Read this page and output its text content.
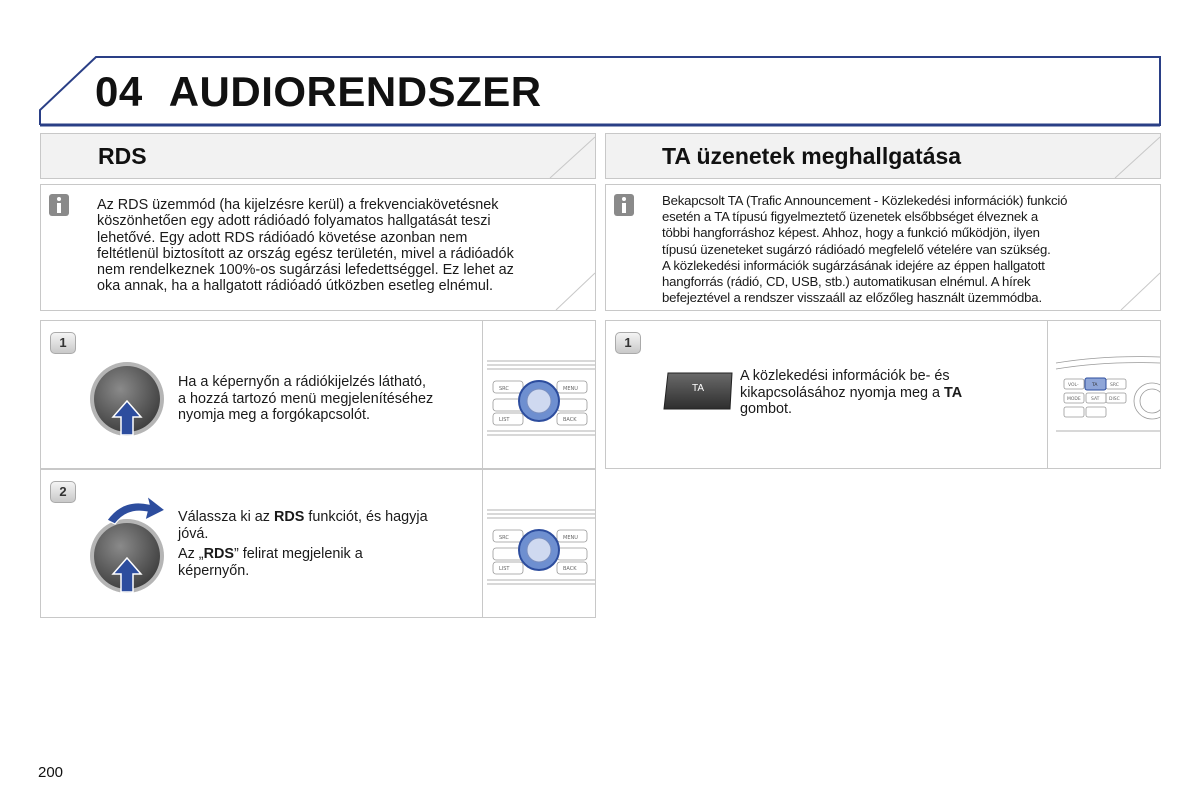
04 AUDIORENDSZER
RDS
Az RDS üzemmód (ha kijelzésre kerül) a frekvenciakövetésnek
köszönhetően egy adott rádióadó folyamatos hallgatását teszi
lehetővé. Egy adott RDS rádióadó követése azonban nem
feltétlenül biztosított az ország egész területén, mivel a rádióadók
nem rendelkeznek 100%-os sugárzási lefedettséggel. Ez lehet az
oka annak, ha a hallgatott rádióadó útközben esetleg elnémul.
1
Ha a képernyőn a rádiókijelzés látható,
a hozzá tartozó menü megjelenítéséhez
nyomja meg a forgókapcsolót.
SRC	MENU
LIST	BACK
2

Válassza ki az RDS funkciót, és hagyja
jóvá.

Az „RDS” felirat megjelenik a
képernyőn.

SRC	MENU
LIST	BACK
TA üzenetek meghallgatása
Bekapcsolt TA (Trafic Announcement - Közlekedési információk) funkció
esetén a TA típusú figyelmeztető üzenetek elsőbbséget élveznek a
többi hangforráshoz képest. Ahhoz, hogy a funkció működjön, ilyen
típusú üzeneteket sugárzó rádióadó megfelelő vételére van szükség.
A közlekedési információk sugárzásának idejére az éppen hallgatott
hangforrás (rádió, CD, USB, stb.) automatikusan elnémul. A hírek
befejeztével a rendszer visszaáll az előzőleg használt üzemmódba.
1
TA
A közlekedési információk be- és
kikapcsolásához nyomja meg a TA
gombot.
VOL-	TA	SRC
MODE SAT DISC
200
